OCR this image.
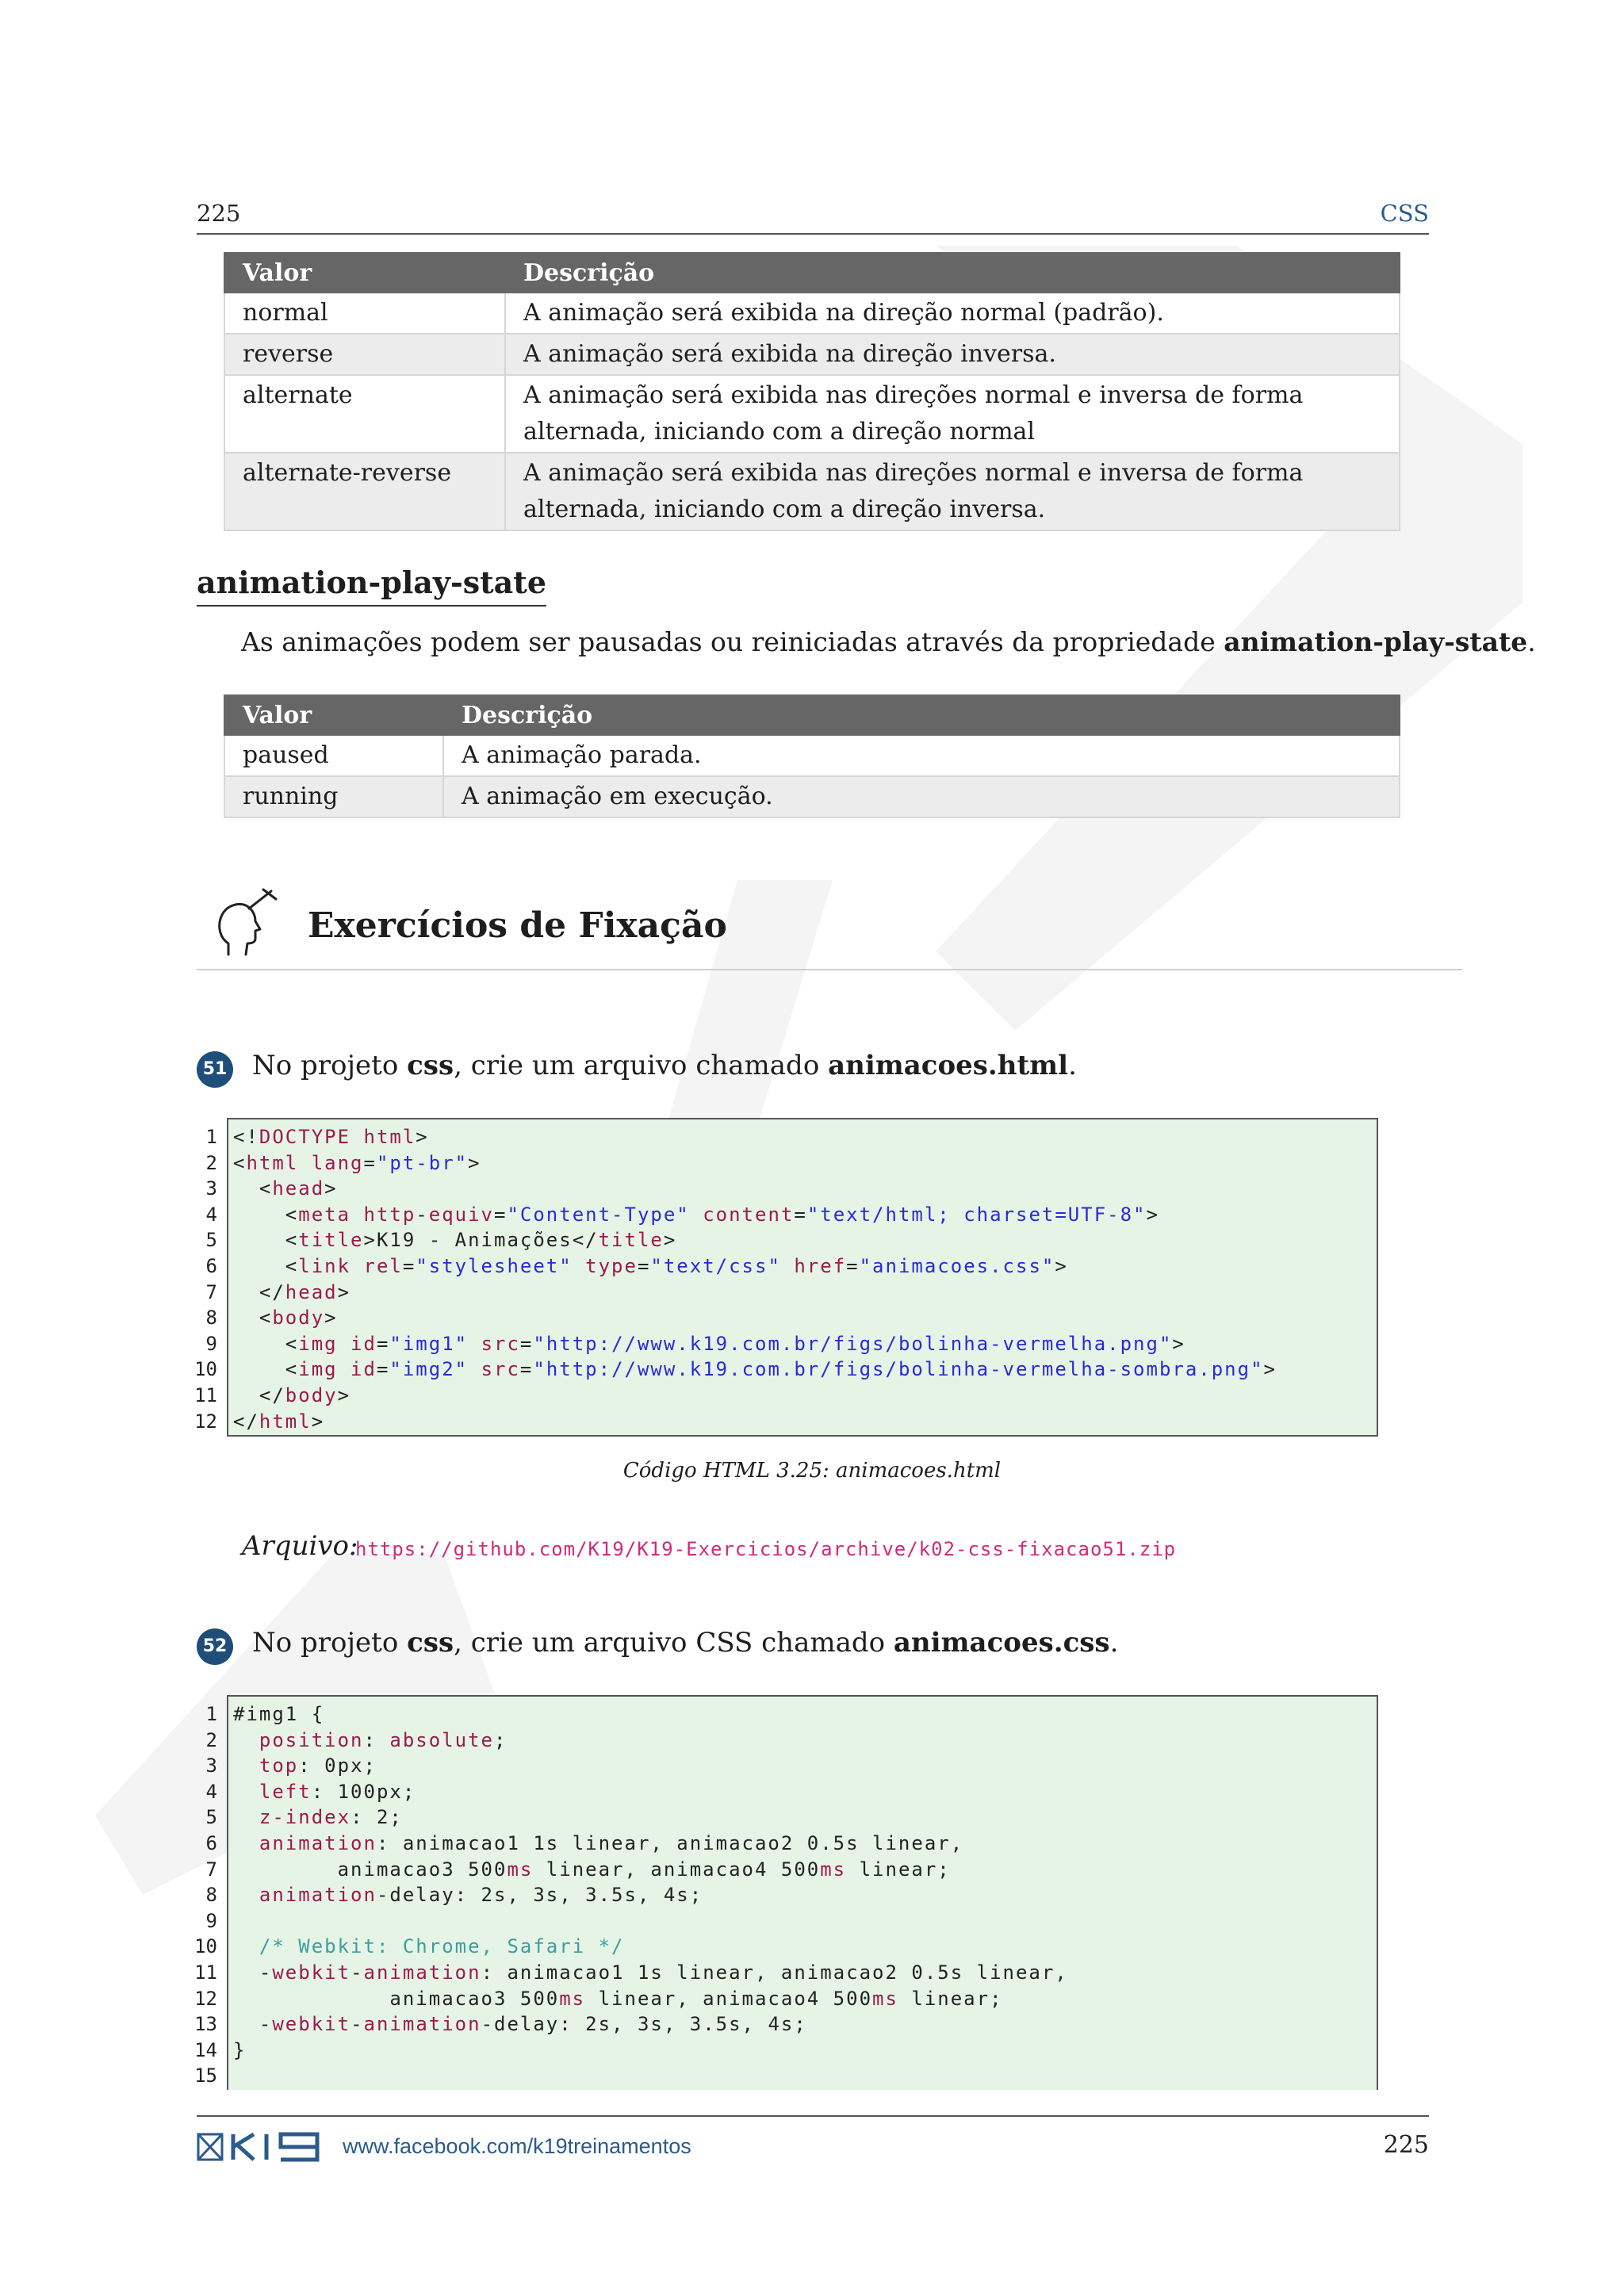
225	CSS
Valor	Descrição
normal	A animação será exibida na direção normal (padrão).
reverse	A animação será exibida na direção inversa.
alternate	A animação será exibida nas direções normal e inversa de forma alternada, iniciando com a direção normal
alternate-reverse	A animação será exibida nas direções normal e inversa de forma alternada, iniciando com a direção inversa.
animation-play-state
As animações podem ser pausadas ou reiniciadas através da propriedade animation-play-state.
Valor	Descrição
paused	A animação parada.
running	A animação em execução.
Exercícios de Fixação
51 No projeto css, crie um arquivo chamado animacoes.html.
1
2
3
4
5
6
7
8
9
10
11
12
<!DOCTYPE html>
<html lang="pt-br">
<head>
<meta http-equiv="Content-Type" content="text/html; charset=UTF-8">
<title>K19 - Animações</title>
<link rel="stylesheet" type="text/css" href="animacoes.css">
</head>
<body>
<img id="img1" src="http://www.k19.com.br/figs/bolinha-vermelha.png">
<img id="img2" src="http://www.k19.com.br/figs/bolinha-vermelha-sombra.png">
</body>
</html>
Código HTML 3.25: animacoes.html
Arquivo:
https://github.com/K19/K19-Exercicios/archive/k02-css-fixacao51.zip
52 No projeto css, crie um arquivo CSS chamado animacoes.css.
1
2
3
4
5
6
7
8
9
10
11
12
13
14
15
#img1 {
position: absolute;
top: 0px;
left: 100px;
z-index: 2;
animation: animacao1 1s linear, animacao2 0.5s linear,
animacao3 500ms linear, animacao4 500ms linear;
animation-delay: 2s, 3s, 3.5s, 4s;
/* Webkit: Chrome, Safari */
-webkit-animation: animacao1 1s linear, animacao2 0.5s linear,
animacao3 500ms linear, animacao4 500ms linear;
-webkit-animation-delay: 2s, 3s, 3.5s, 4s;
}
www.facebook.com/k19treinamentos	225
